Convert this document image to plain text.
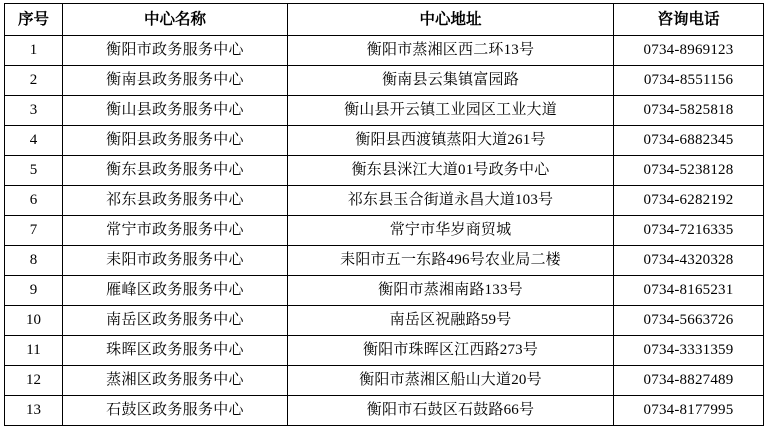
序号	中心名称	中心地址	咨询电话
1	衡阳市政务服务中心	衡阳市蒸湘区西二环13号	0734-8969123
2	衡南县政务服务中心	衡南县云集镇富园路	0734-8551156
3	衡山县政务服务中心	衡山县开云镇工业园区工业大道	0734-5825818
4	衡阳县政务服务中心	衡阳县西渡镇蒸阳大道261号	0734-6882345
5	衡东县政务服务中心	衡东县洣江大道01号政务中心	0734-5238128
6	祁东县政务服务中心	祁东县玉合街道永昌大道103号	0734-6282192
7	常宁市政务服务中心	常宁市华岁商贸城	0734-7216335
8	耒阳市政务服务中心	耒阳市五一东路496号农业局二楼	0734-4320328
9	雁峰区政务服务中心	衡阳市蒸湘南路133号	0734-8165231
10	南岳区政务服务中心	南岳区祝融路59号	0734-5663726
11	珠晖区政务服务中心	衡阳市珠晖区江西路273号	0734-3331359
12	蒸湘区政务服务中心	衡阳市蒸湘区船山大道20号	0734-8827489
13	石鼓区政务服务中心	衡阳市石鼓区石鼓路66号	0734-8177995
